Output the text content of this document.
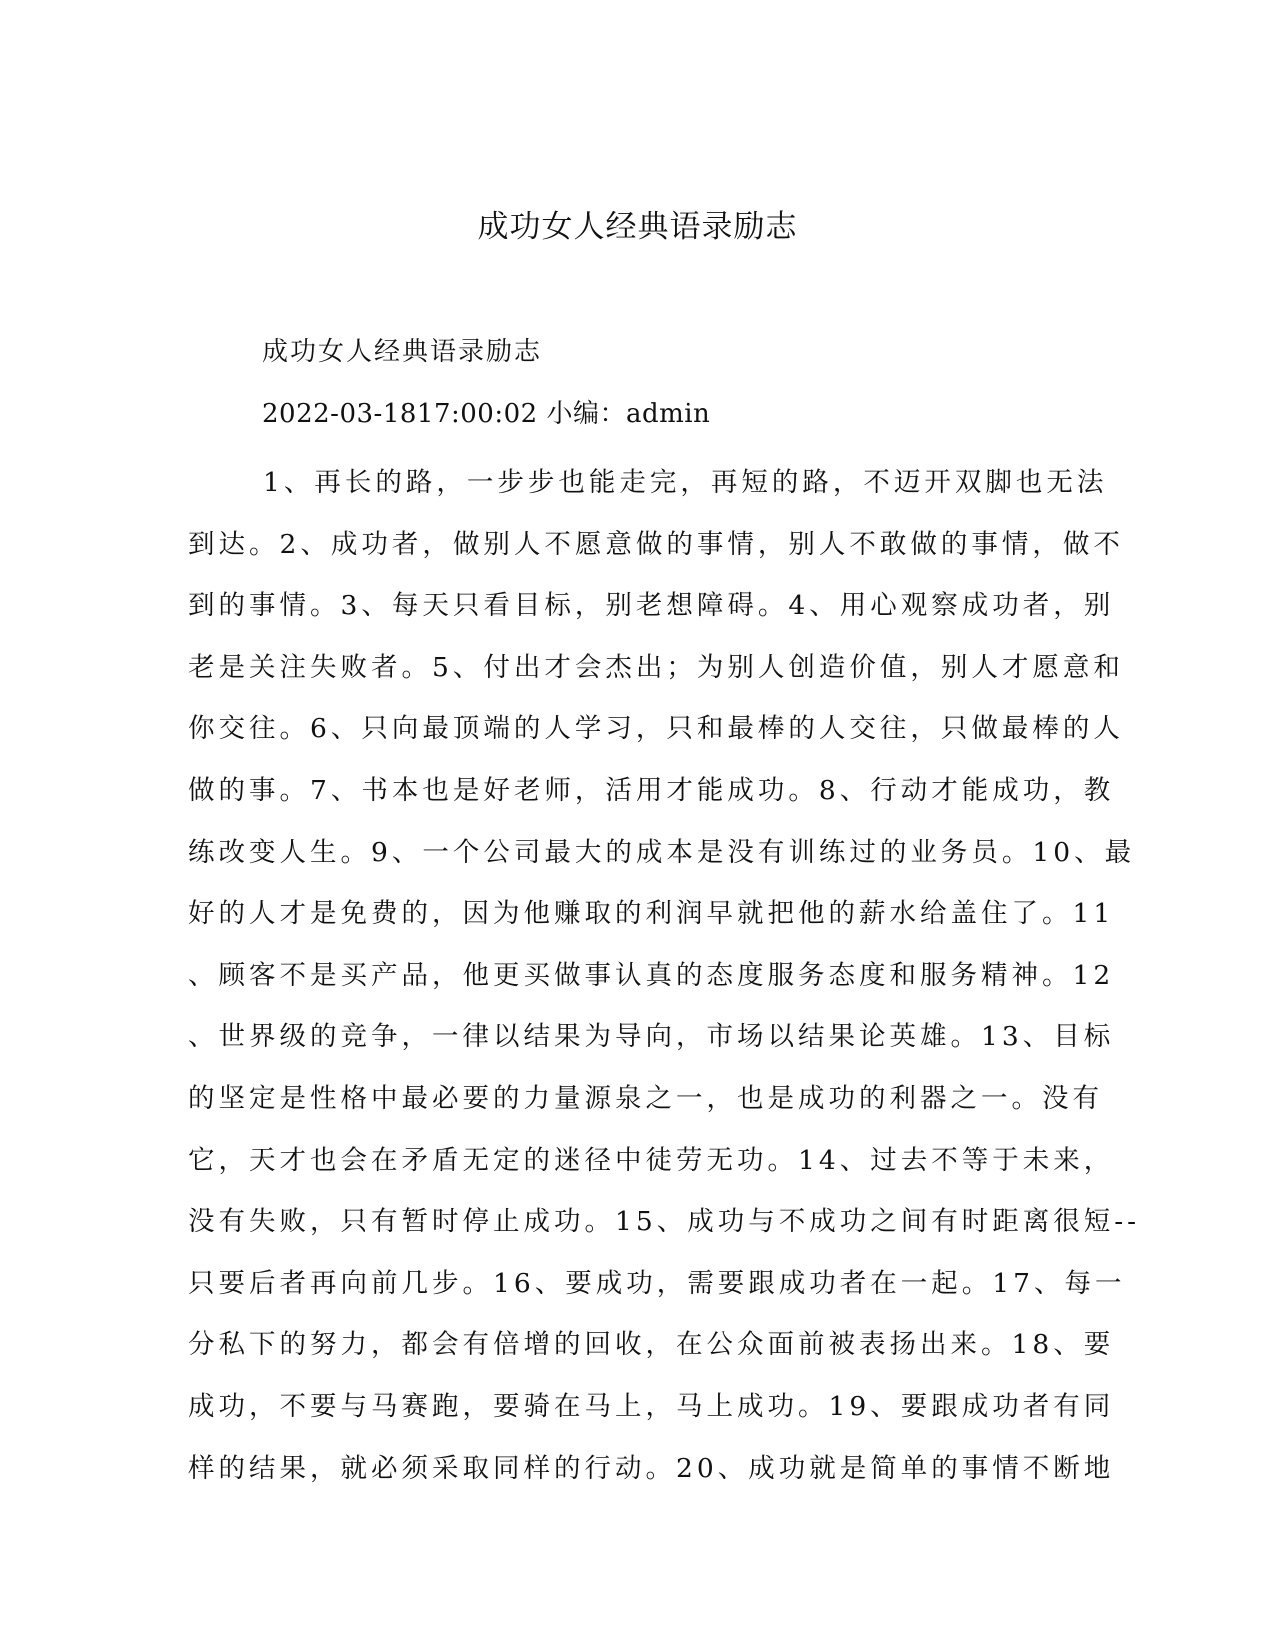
成功女人经典语录励志

成功女人经典语录励志

2022-03-1817:00:02 小编：admin

1、再长的路，一步步也能走完，再短的路，不迈开双脚也无法
到达。2、成功者，做别人不愿意做的事情，别人不敢做的事情，做不
到的事情。3、每天只看目标，别老想障碍。4、用心观察成功者，别
老是关注失败者。5、付出才会杰出；为别人创造价值，别人才愿意和
你交往。6、只向最顶端的人学习，只和最棒的人交往，只做最棒的人
做的事。7、书本也是好老师，活用才能成功。8、行动才能成功，教
练改变人生。9、一个公司最大的成本是没有训练过的业务员。10、最
好的人才是免费的，因为他赚取的利润早就把他的薪水给盖住了。11
、顾客不是买产品，他更买做事认真的态度服务态度和服务精神。12
、世界级的竞争，一律以结果为导向，市场以结果论英雄。13、目标
的坚定是性格中最必要的力量源泉之一，也是成功的利器之一。没有
它，天才也会在矛盾无定的迷径中徒劳无功。14、过去不等于未来，
没有失败，只有暂时停止成功。15、成功与不成功之间有时距离很短--
只要后者再向前几步。16、要成功，需要跟成功者在一起。17、每一
分私下的努力，都会有倍增的回收，在公众面前被表扬出来。18、要
成功，不要与马赛跑，要骑在马上，马上成功。19、要跟成功者有同
样的结果，就必须采取同样的行动。20、成功就是简单的事情不断地
